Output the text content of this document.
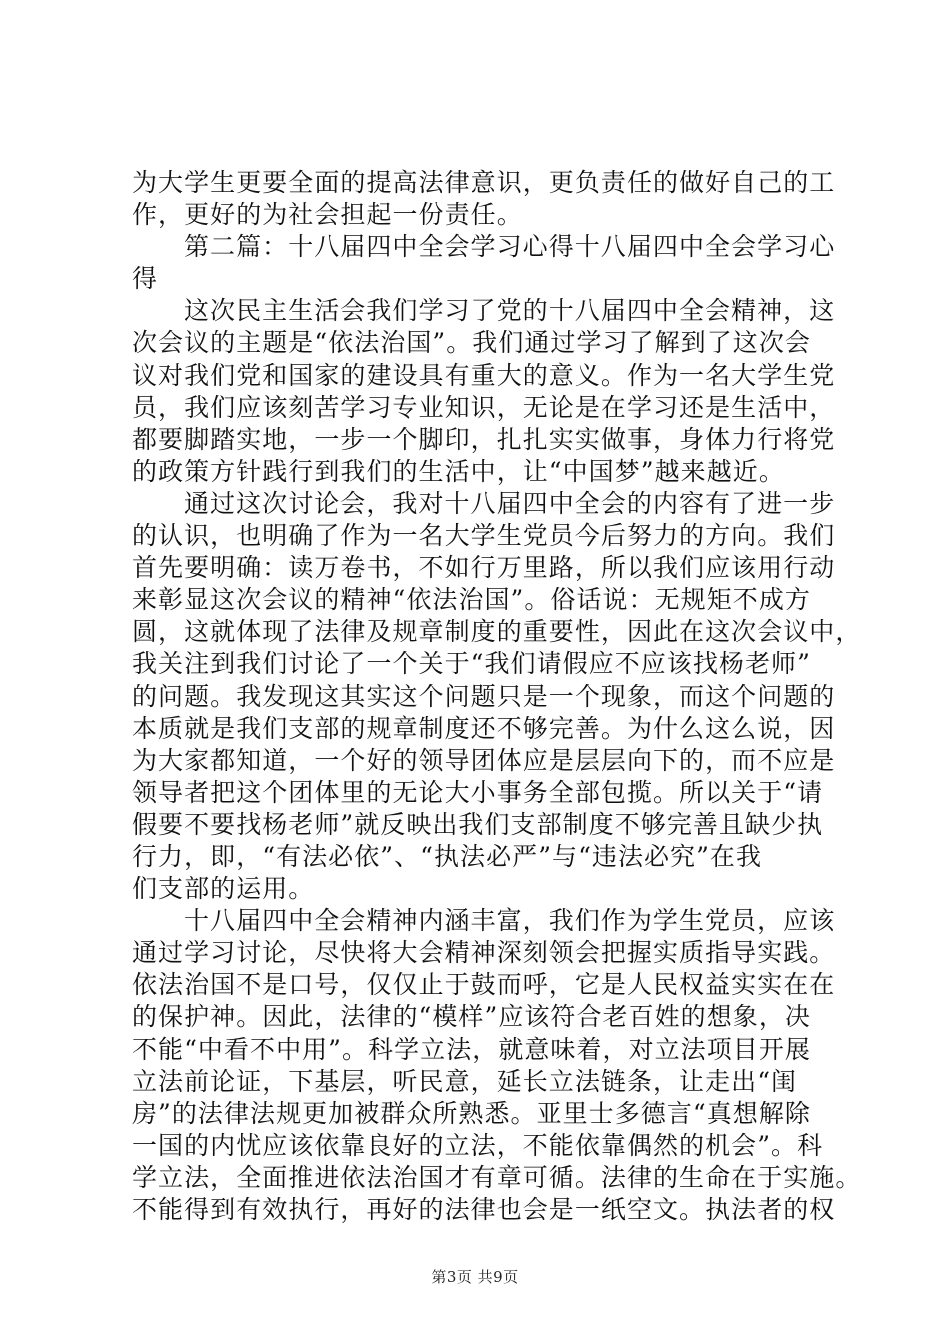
为大学生更要全面的提高法律意识，更负责任的做好自己的工
作，更好的为社会担起一份责任。
第二篇：十八届四中全会学习心得十八届四中全会学习心
得
这次民主生活会我们学习了党的十八届四中全会精神，这
次会议的主题是“依法治国”。我们通过学习了解到了这次会
议对我们党和国家的建设具有重大的意义。作为一名大学生党
员，我们应该刻苦学习专业知识，无论是在学习还是生活中，
都要脚踏实地，一步一个脚印，扎扎实实做事，身体力行将党
的政策方针践行到我们的生活中，让“中国梦”越来越近。
通过这次讨论会，我对十八届四中全会的内容有了进一步
的认识，也明确了作为一名大学生党员今后努力的方向。我们
首先要明确：读万卷书，不如行万里路，所以我们应该用行动
来彰显这次会议的精神“依法治国”。俗话说：无规矩不成方
圆，这就体现了法律及规章制度的重要性，因此在这次会议中，
我关注到我们讨论了一个关于“我们请假应不应该找杨老师”
的问题。我发现这其实这个问题只是一个现象，而这个问题的
本质就是我们支部的规章制度还不够完善。为什么这么说，因
为大家都知道，一个好的领导团体应是层层向下的，而不应是
领导者把这个团体里的无论大小事务全部包揽。所以关于“请
假要不要找杨老师”就反映出我们支部制度不够完善且缺少执
行力，即，“有法必依”、“执法必严”与“违法必究”在我
们支部的运用。
十八届四中全会精神内涵丰富，我们作为学生党员，应该
通过学习讨论，尽快将大会精神深刻领会把握实质指导实践。
依法治国不是口号，仅仅止于鼓而呼，它是人民权益实实在在
的保护神。因此，法律的“模样”应该符合老百姓的想象，决
不能“中看不中用”。科学立法，就意味着，对立法项目开展
立法前论证，下基层，听民意，延长立法链条，让走出“闺
房”的法律法规更加被群众所熟悉。亚里士多德言“真想解除
一国的内忧应该依靠良好的立法，不能依靠偶然的机会”。科
学立法，全面推进依法治国才有章可循。法律的生命在于实施。
不能得到有效执行，再好的法律也会是一纸空文。执法者的权
第3页 共9页
